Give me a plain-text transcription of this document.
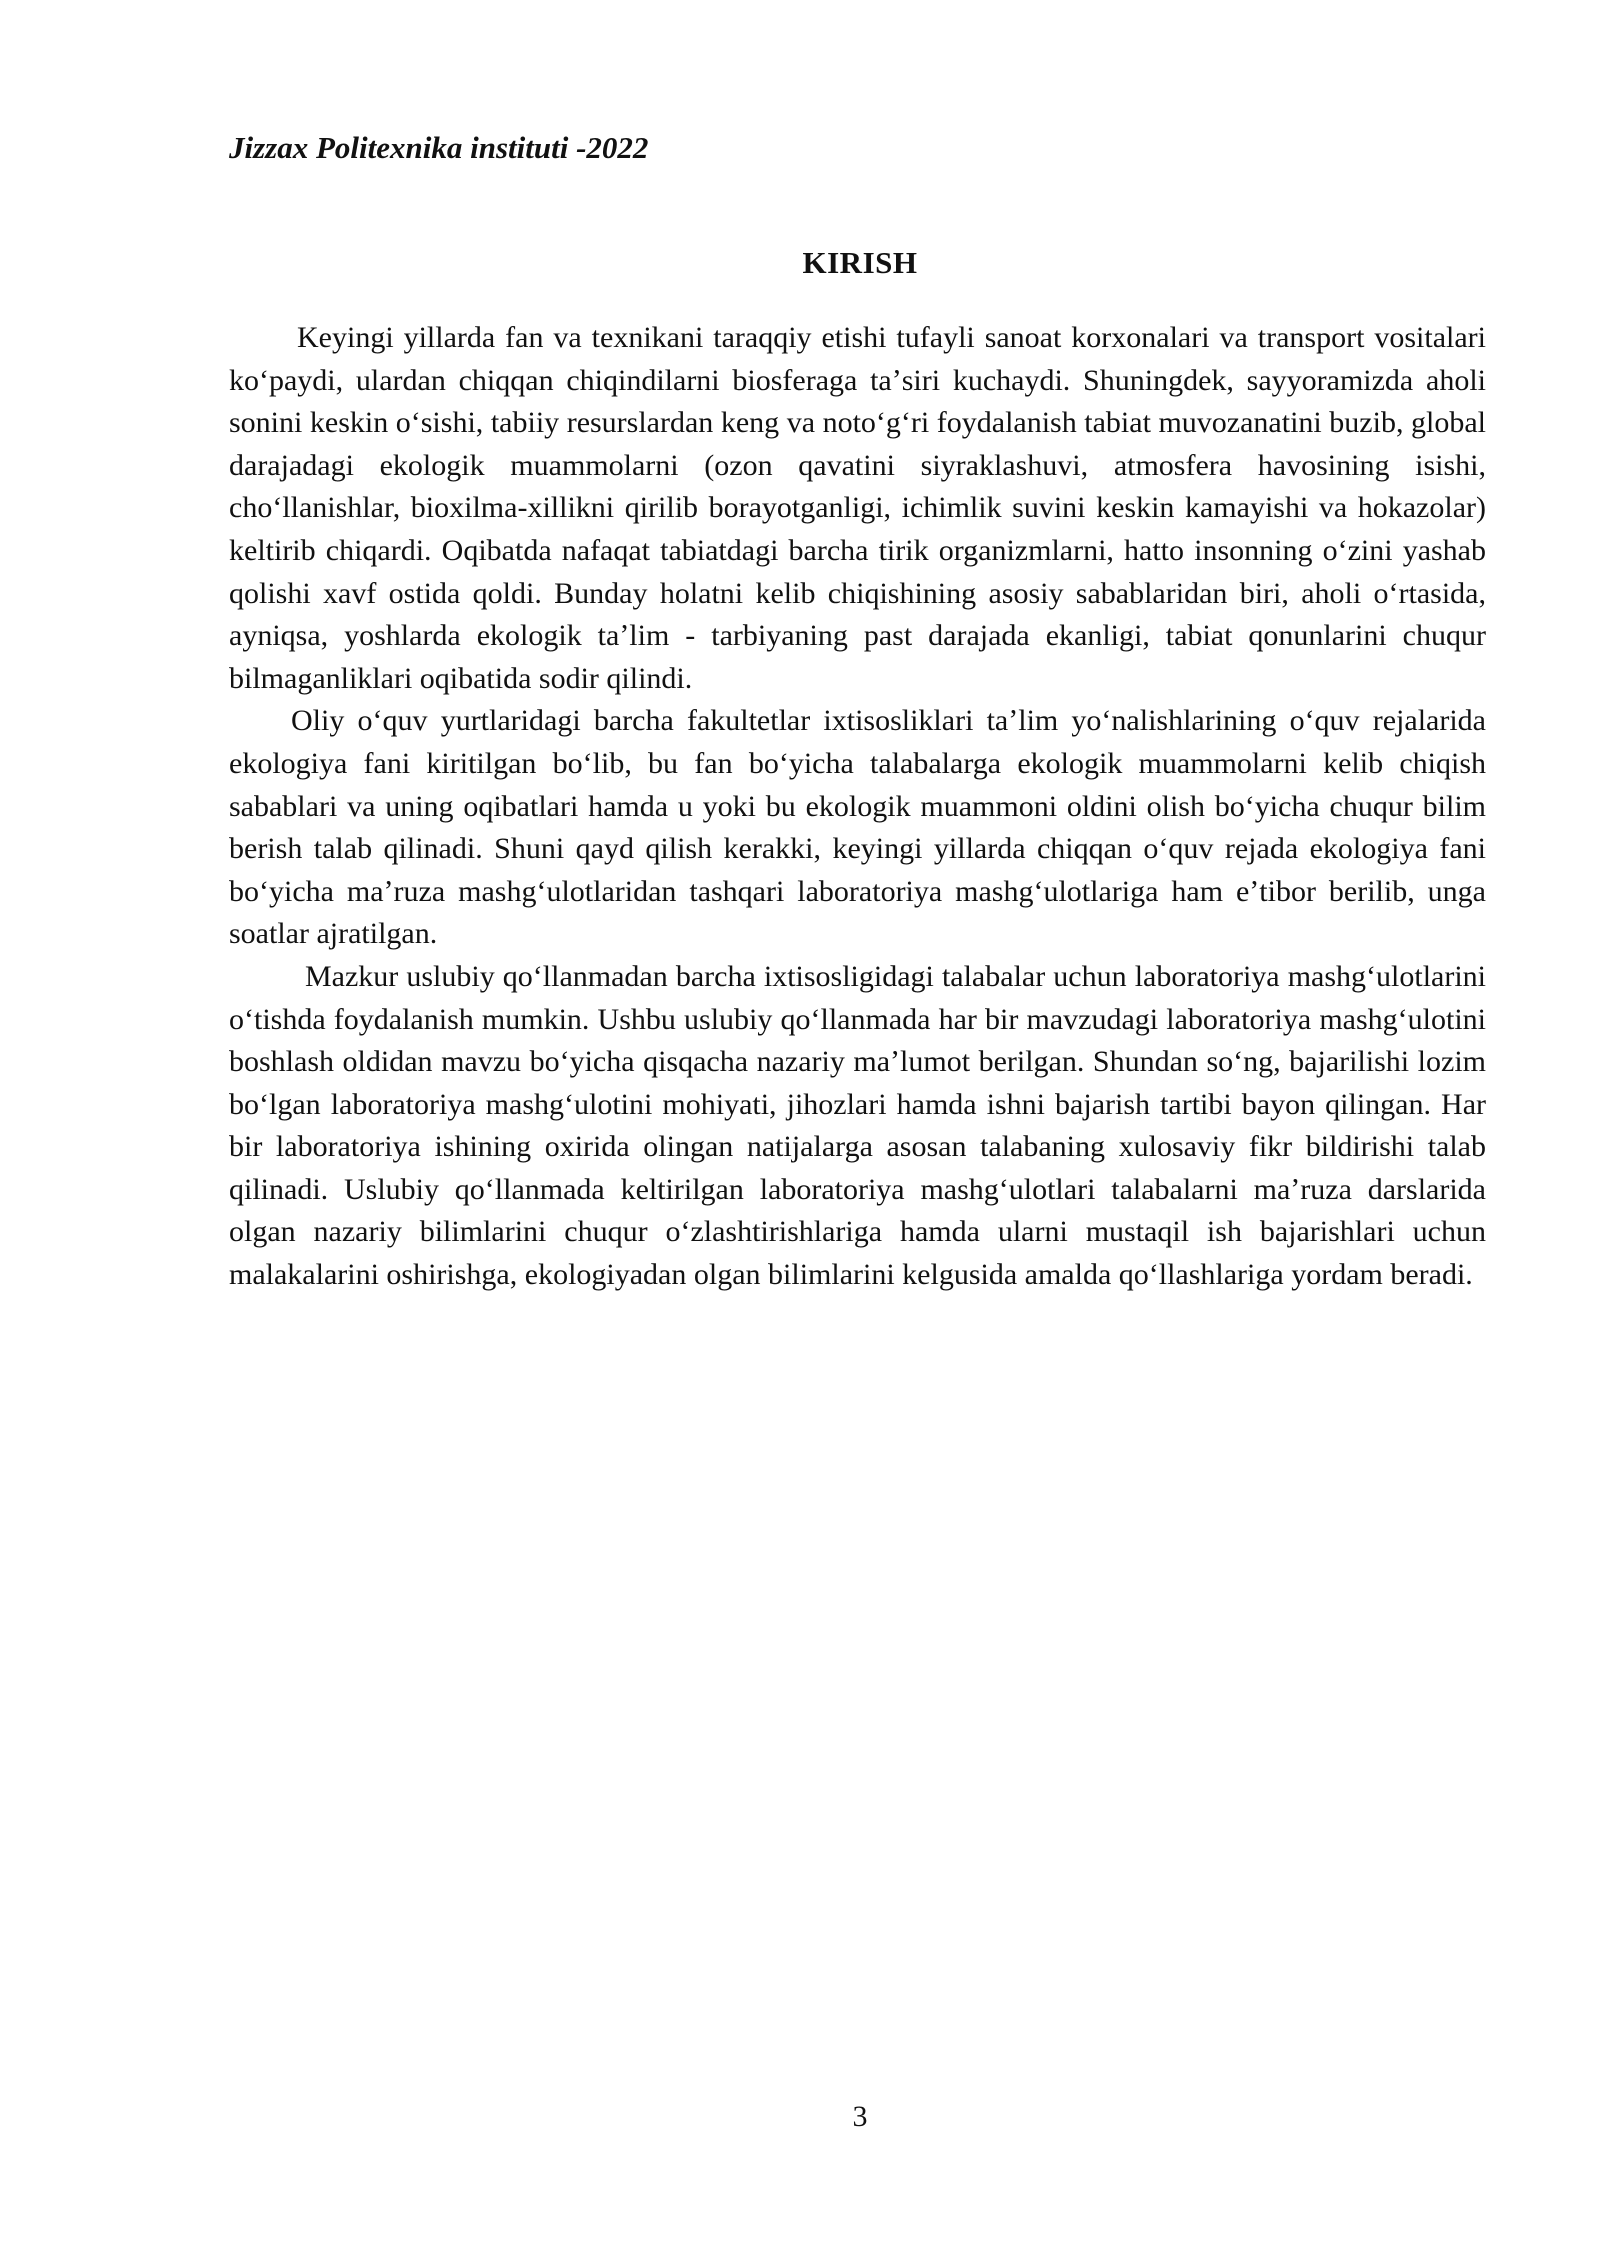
Jizzax Politexnika instituti -2022
KIRISH

Keyingi yillarda fan va texnikani taraqqiy etishi tufayli sanoat korxonalari va transport vositalari koʻpaydi, ulardan chiqqan chiqindilarni biosferaga taʼsiri kuchaydi. Shuningdek, sayyoramizda aholi sonini keskin oʻsishi, tabiiy resurslardan keng va notoʻgʻri foydalanish tabiat muvozanatini buzib, global darajadagi ekologik muammolarni (ozon qavatini siyraklashuvi, atmosfera havosining isishi, choʻllanishlar, bioxilma-xillikni qirilib borayotganligi, ichimlik suvini keskin kamayishi va hokazolar) keltirib chiqardi. Oqibatda nafaqat tabiatdagi barcha tirik organizmlarni, hatto insonning oʻzini yashab qolishi xavf ostida qoldi. Bunday holatni kelib chiqishining asosiy sabablaridan biri, aholi oʻrtasida, ayniqsa, yoshlarda ekologik taʼlim - tarbiyaning past darajada ekanligi, tabiat qonunlarini chuqur bilmaganliklari oqibatida sodir qilindi.

Oliy oʻquv yurtlaridagi barcha fakultetlar ixtisosliklari taʼlim yoʻnalishlarining oʻquv rejalarida ekologiya fani kiritilgan boʻlib, bu fan boʻyicha talabalarga ekologik muammolarni kelib chiqish sabablari va uning oqibatlari hamda u yoki bu ekologik muammoni oldini olish boʻyicha chuqur bilim berish talab qilinadi. Shuni qayd qilish kerakki, keyingi yillarda chiqqan oʻquv rejada ekologiya fani boʻyicha maʼruza mashgʻulotlaridan tashqari laboratoriya mashgʻulotlariga ham eʼtibor berilib, unga soatlar ajratilgan.

Mazkur uslubiy qoʻllanmadan barcha ixtisosligidagi talabalar uchun laboratoriya mashgʻulotlarini oʻtishda foydalanish mumkin. Ushbu uslubiy qoʻllanmada har bir mavzudagi laboratoriya mashgʻulotini boshlash oldidan mavzu boʻyicha qisqacha nazariy maʼlumot berilgan. Shundan soʻng, bajarilishi lozim boʻlgan laboratoriya mashgʻulotini mohiyati, jihozlari hamda ishni bajarish tartibi bayon qilingan. Har bir laboratoriya ishining oxirida olingan natijalarga asosan talabaning xulosaviy fikr bildirishi talab qilinadi. Uslubiy qoʻllanmada keltirilgan laboratoriya mashgʻulotlari talabalarni maʼruza darslarida olgan nazariy bilimlarini chuqur oʻzlashtirishlariga hamda ularni mustaqil ish bajarishlari uchun malakalarini oshirishga, ekologiyadan olgan bilimlarini kelgusida amalda qoʻllashlariga yordam beradi.

3
